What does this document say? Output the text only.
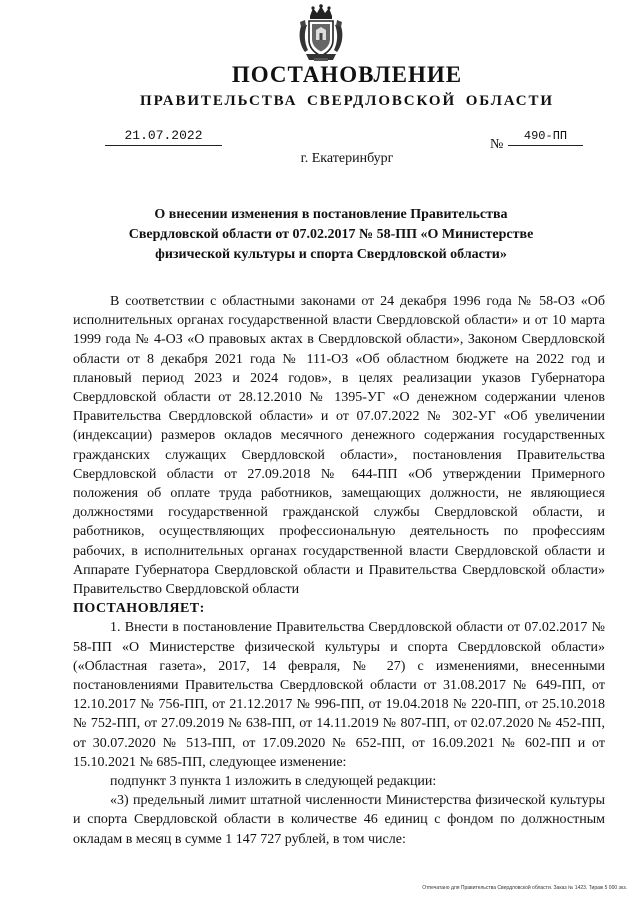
ПОСТАНОВЛЕНИЕ
ПРАВИТЕЛЬСТВА СВЕРДЛОВСКОЙ ОБЛАСТИ
21.07.2022
№
490-ПП
г. Екатеринбург
О внесении изменения в постановление Правительства Свердловской области от 07.02.2017 № 58-ПП «О Министерстве физической культуры и спорта Свердловской области»

В соответствии с областными законами от 24 декабря 1996 года № 58-ОЗ «Об исполнительных органах государственной власти Свердловской области» и от 10 марта 1999 года № 4-ОЗ «О правовых актах в Свердловской области», Законом Свердловской области от 8 декабря 2021 года № 111-ОЗ «Об областном бюджете на 2022 год и плановый период 2023 и 2024 годов», в целях реализации указов Губернатора Свердловской области от 28.12.2010 № 1395-УГ «О денежном содержании членов Правительства Свердловской области» и от 07.07.2022 № 302-УГ «Об увеличении (индексации) размеров окладов месячного денежного содержания государственных гражданских служащих Свердловской области», постановления Правительства Свердловской области от 27.09.2018 № 644-ПП «Об утверждении Примерного положения об оплате труда работников, замещающих должности, не являющиеся должностями государственной гражданской службы Свердловской области, и работников, осуществляющих профессиональную деятельность по профессиям рабочих, в исполнительных органах государственной власти Свердловской области и Аппарате Губернатора Свердловской области и Правительства Свердловской области» Правительство Свердловской области

ПОСТАНОВЛЯЕТ:

1. Внести в постановление Правительства Свердловской области от 07.02.2017 № 58-ПП «О Министерстве физической культуры и спорта Свердловской области» («Областная газета», 2017, 14 февраля, № 27) с изменениями, внесенными постановлениями Правительства Свердловской области от 31.08.2017 № 649-ПП, от 12.10.2017 № 756-ПП, от 21.12.2017 № 996-ПП, от 19.04.2018 № 220-ПП, от 25.10.2018 № 752-ПП, от 27.09.2019 № 638-ПП, от 14.11.2019 № 807-ПП, от 02.07.2020 № 452-ПП, от 30.07.2020 № 513-ПП, от 17.09.2020 № 652-ПП, от 16.09.2021 № 602-ПП и от 15.10.2021 № 685-ПП, следующее изменение:

подпункт 3 пункта 1 изложить в следующей редакции:

«3) предельный лимит штатной численности Министерства физической культуры и спорта Свердловской области в количестве 46 единиц с фондом по должностным окладам в месяц в сумме 1 147 727 рублей, в том числе:

Отпечатано для Правительства Свердловской области. Заказ № 1423. Тираж 5 000 экз.
